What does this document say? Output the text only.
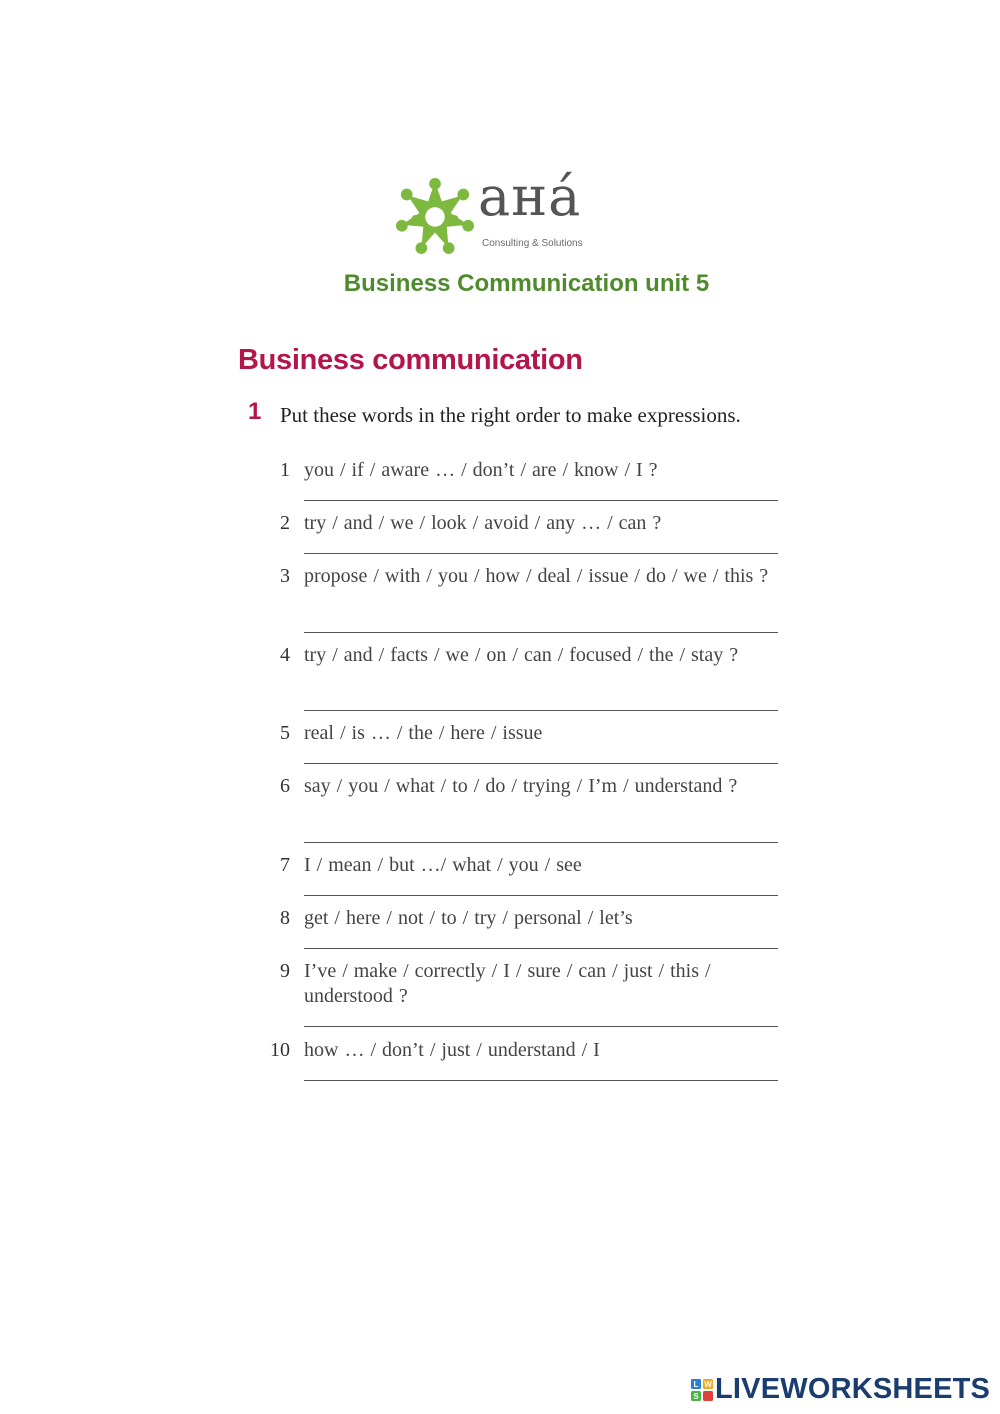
aнá
Consulting & Solutions
Business Communication unit 5
Business communication
1 Put these words in the right order to make expressions.
1 you / if / aware … / don’t / are / know / I ?
2 try / and / we / look / avoid / any … / can ?
3 propose / with / you / how / deal / issue / do / we / this ?
4 try / and / facts / we / on / can / focused / the / stay ?
5 real / is … / the / here / issue
6 say / you / what / to / do / trying / I’m / understand ?
7 I / mean / but …/ what / you / see
8 get / here / not / to / try / personal / let’s
9 I’ve / make / correctly / I / sure / can / just / this / understood ?
10 how … / don’t / just / understand / I
L W
S LIVEWORKSHEETS
